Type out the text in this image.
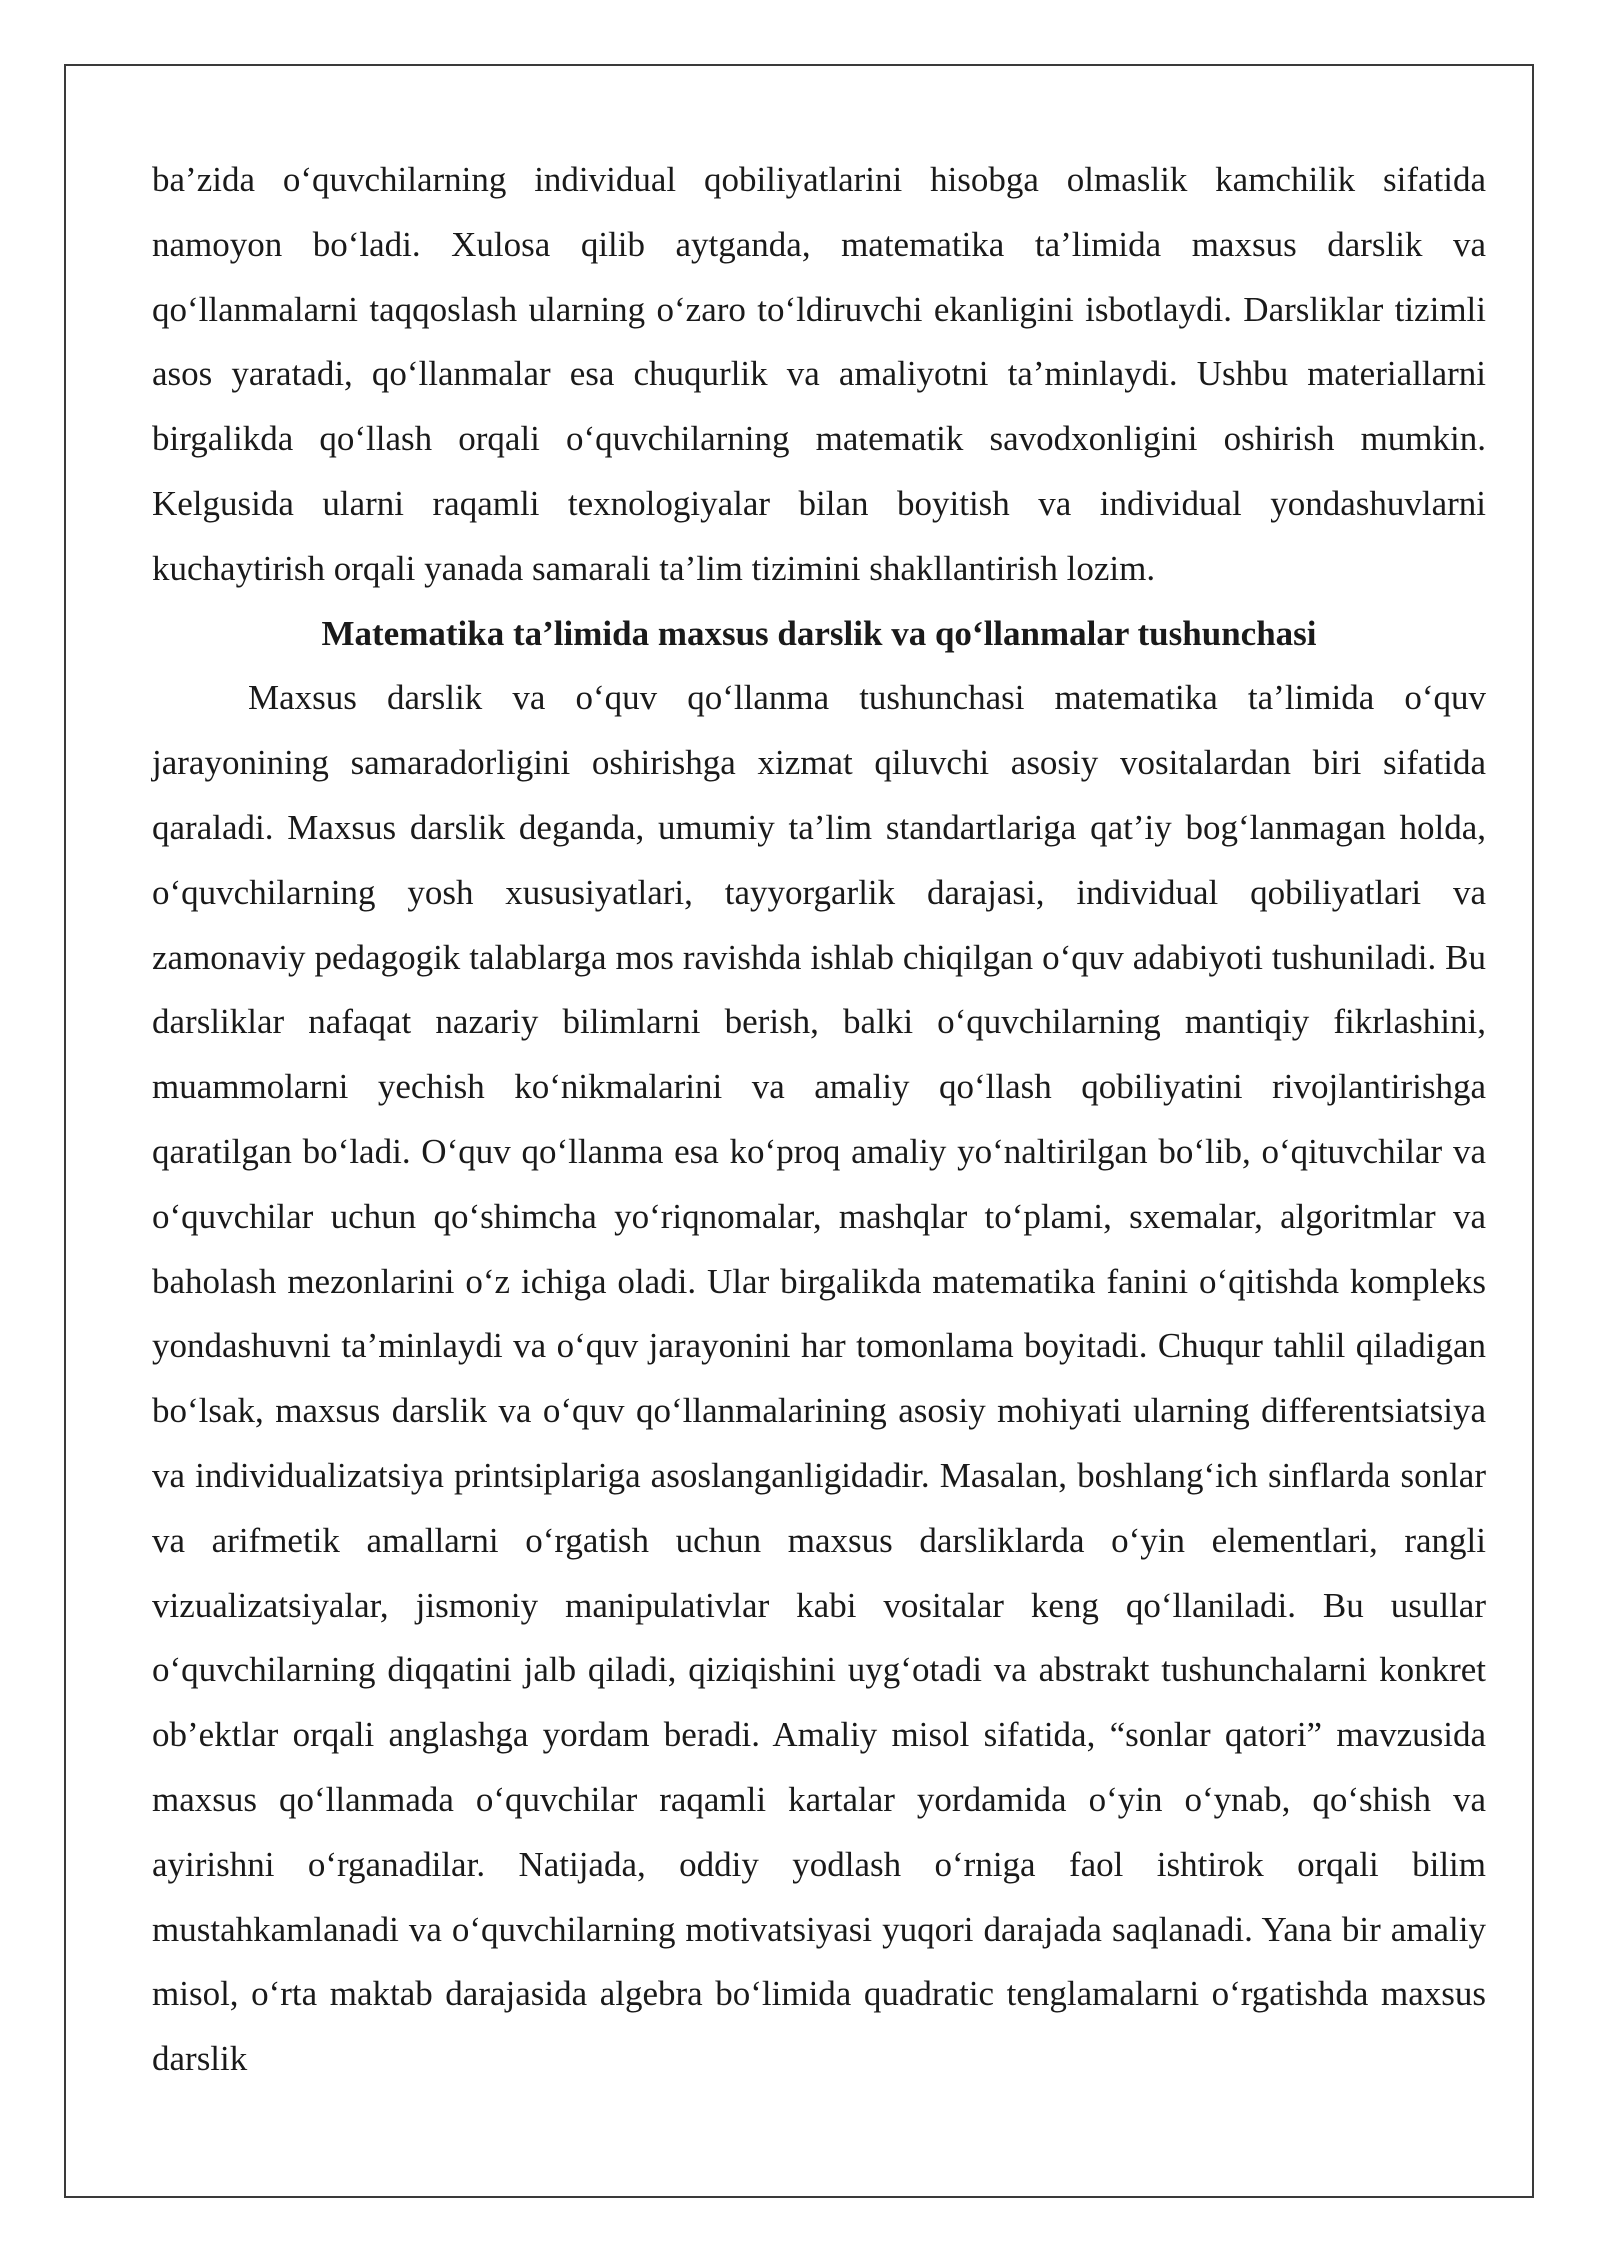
ba’zida o‘quvchilarning individual qobiliyatlarini hisobga olmaslik kamchilik sifatida namoyon bo‘ladi. Xulosa qilib aytganda, matematika ta’limida maxsus darslik va qo‘llanmalarni taqqoslash ularning o‘zaro to‘ldiruvchi ekanligini isbotlaydi. Darsliklar tizimli asos yaratadi, qo‘llanmalar esa chuqurlik va amaliyotni ta’minlaydi. Ushbu materiallarni birgalikda qo‘llash orqali o‘quvchilarning matematik savodxonligini oshirish mumkin. Kelgusida ularni raqamli texnologiyalar bilan boyitish va individual yondashuvlarni kuchaytirish orqali yanada samarali ta’lim tizimini shakllantirish lozim.

Matematika ta’limida maxsus darslik va qo‘llanmalar tushunchasi

Maxsus darslik va o‘quv qo‘llanma tushunchasi matematika ta’limida o‘quv jarayonining samaradorligini oshirishga xizmat qiluvchi asosiy vositalardan biri sifatida qaraladi. Maxsus darslik deganda, umumiy ta’lim standartlariga qat’iy bog‘lanmagan holda, o‘quvchilarning yosh xususiyatlari, tayyorgarlik darajasi, individual qobiliyatlari va zamonaviy pedagogik talablarga mos ravishda ishlab chiqilgan o‘quv adabiyoti tushuniladi. Bu darsliklar nafaqat nazariy bilimlarni berish, balki o‘quvchilarning mantiqiy fikrlashini, muammolarni yechish ko‘nikmalarini va amaliy qo‘llash qobiliyatini rivojlantirishga qaratilgan bo‘ladi. O‘quv qo‘llanma esa ko‘proq amaliy yo‘naltirilgan bo‘lib, o‘qituvchilar va o‘quvchilar uchun qo‘shimcha yo‘riqnomalar, mashqlar to‘plami, sxemalar, algoritmlar va baholash mezonlarini o‘z ichiga oladi. Ular birgalikda matematika fanini o‘qitishda kompleks yondashuvni ta’minlaydi va o‘quv jarayonini har tomonlama boyitadi. Chuqur tahlil qiladigan bo‘lsak, maxsus darslik va o‘quv qo‘llanmalarining asosiy mohiyati ularning differentsiatsiya va individualizatsiya printsiplariga asoslanganligidadir. Masalan, boshlang‘ich sinflarda sonlar va arifmetik amallarni o‘rgatish uchun maxsus darsliklarda o‘yin elementlari, rangli vizualizatsiyalar, jismoniy manipulativlar kabi vositalar keng qo‘llaniladi. Bu usullar o‘quvchilarning diqqatini jalb qiladi, qiziqishini uyg‘otadi va abstrakt tushunchalarni konkret ob’ektlar orqali anglashga yordam beradi. Amaliy misol sifatida, “sonlar qatori” mavzusida maxsus qo‘llanmada o‘quvchilar raqamli kartalar yordamida o‘yin o‘ynab, qo‘shish va ayirishni o‘rganadilar. Natijada, oddiy yodlash o‘rniga faol ishtirok orqali bilim mustahkamlanadi va o‘quvchilarning motivatsiyasi yuqori darajada saqlanadi. Yana bir amaliy misol, o‘rta maktab darajasida algebra bo‘limida quadratic tenglamalarni o‘rgatishda maxsus darslik
